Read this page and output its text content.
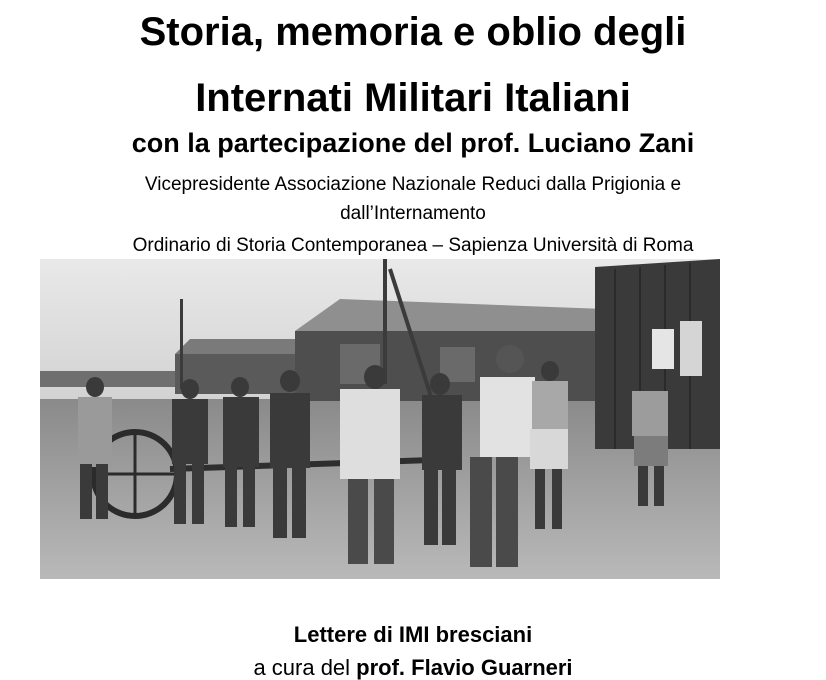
Storia, memoria e oblio degli
Internati Militari Italiani
con la partecipazione del prof. Luciano Zani
Vicepresidente Associazione Nazionale Reduci dalla Prigionia e
dall’Internamento
Ordinario di Storia Contemporanea – Sapienza Università di Roma
Lettere di IMI bresciani
a cura del prof. Flavio Guarneri
